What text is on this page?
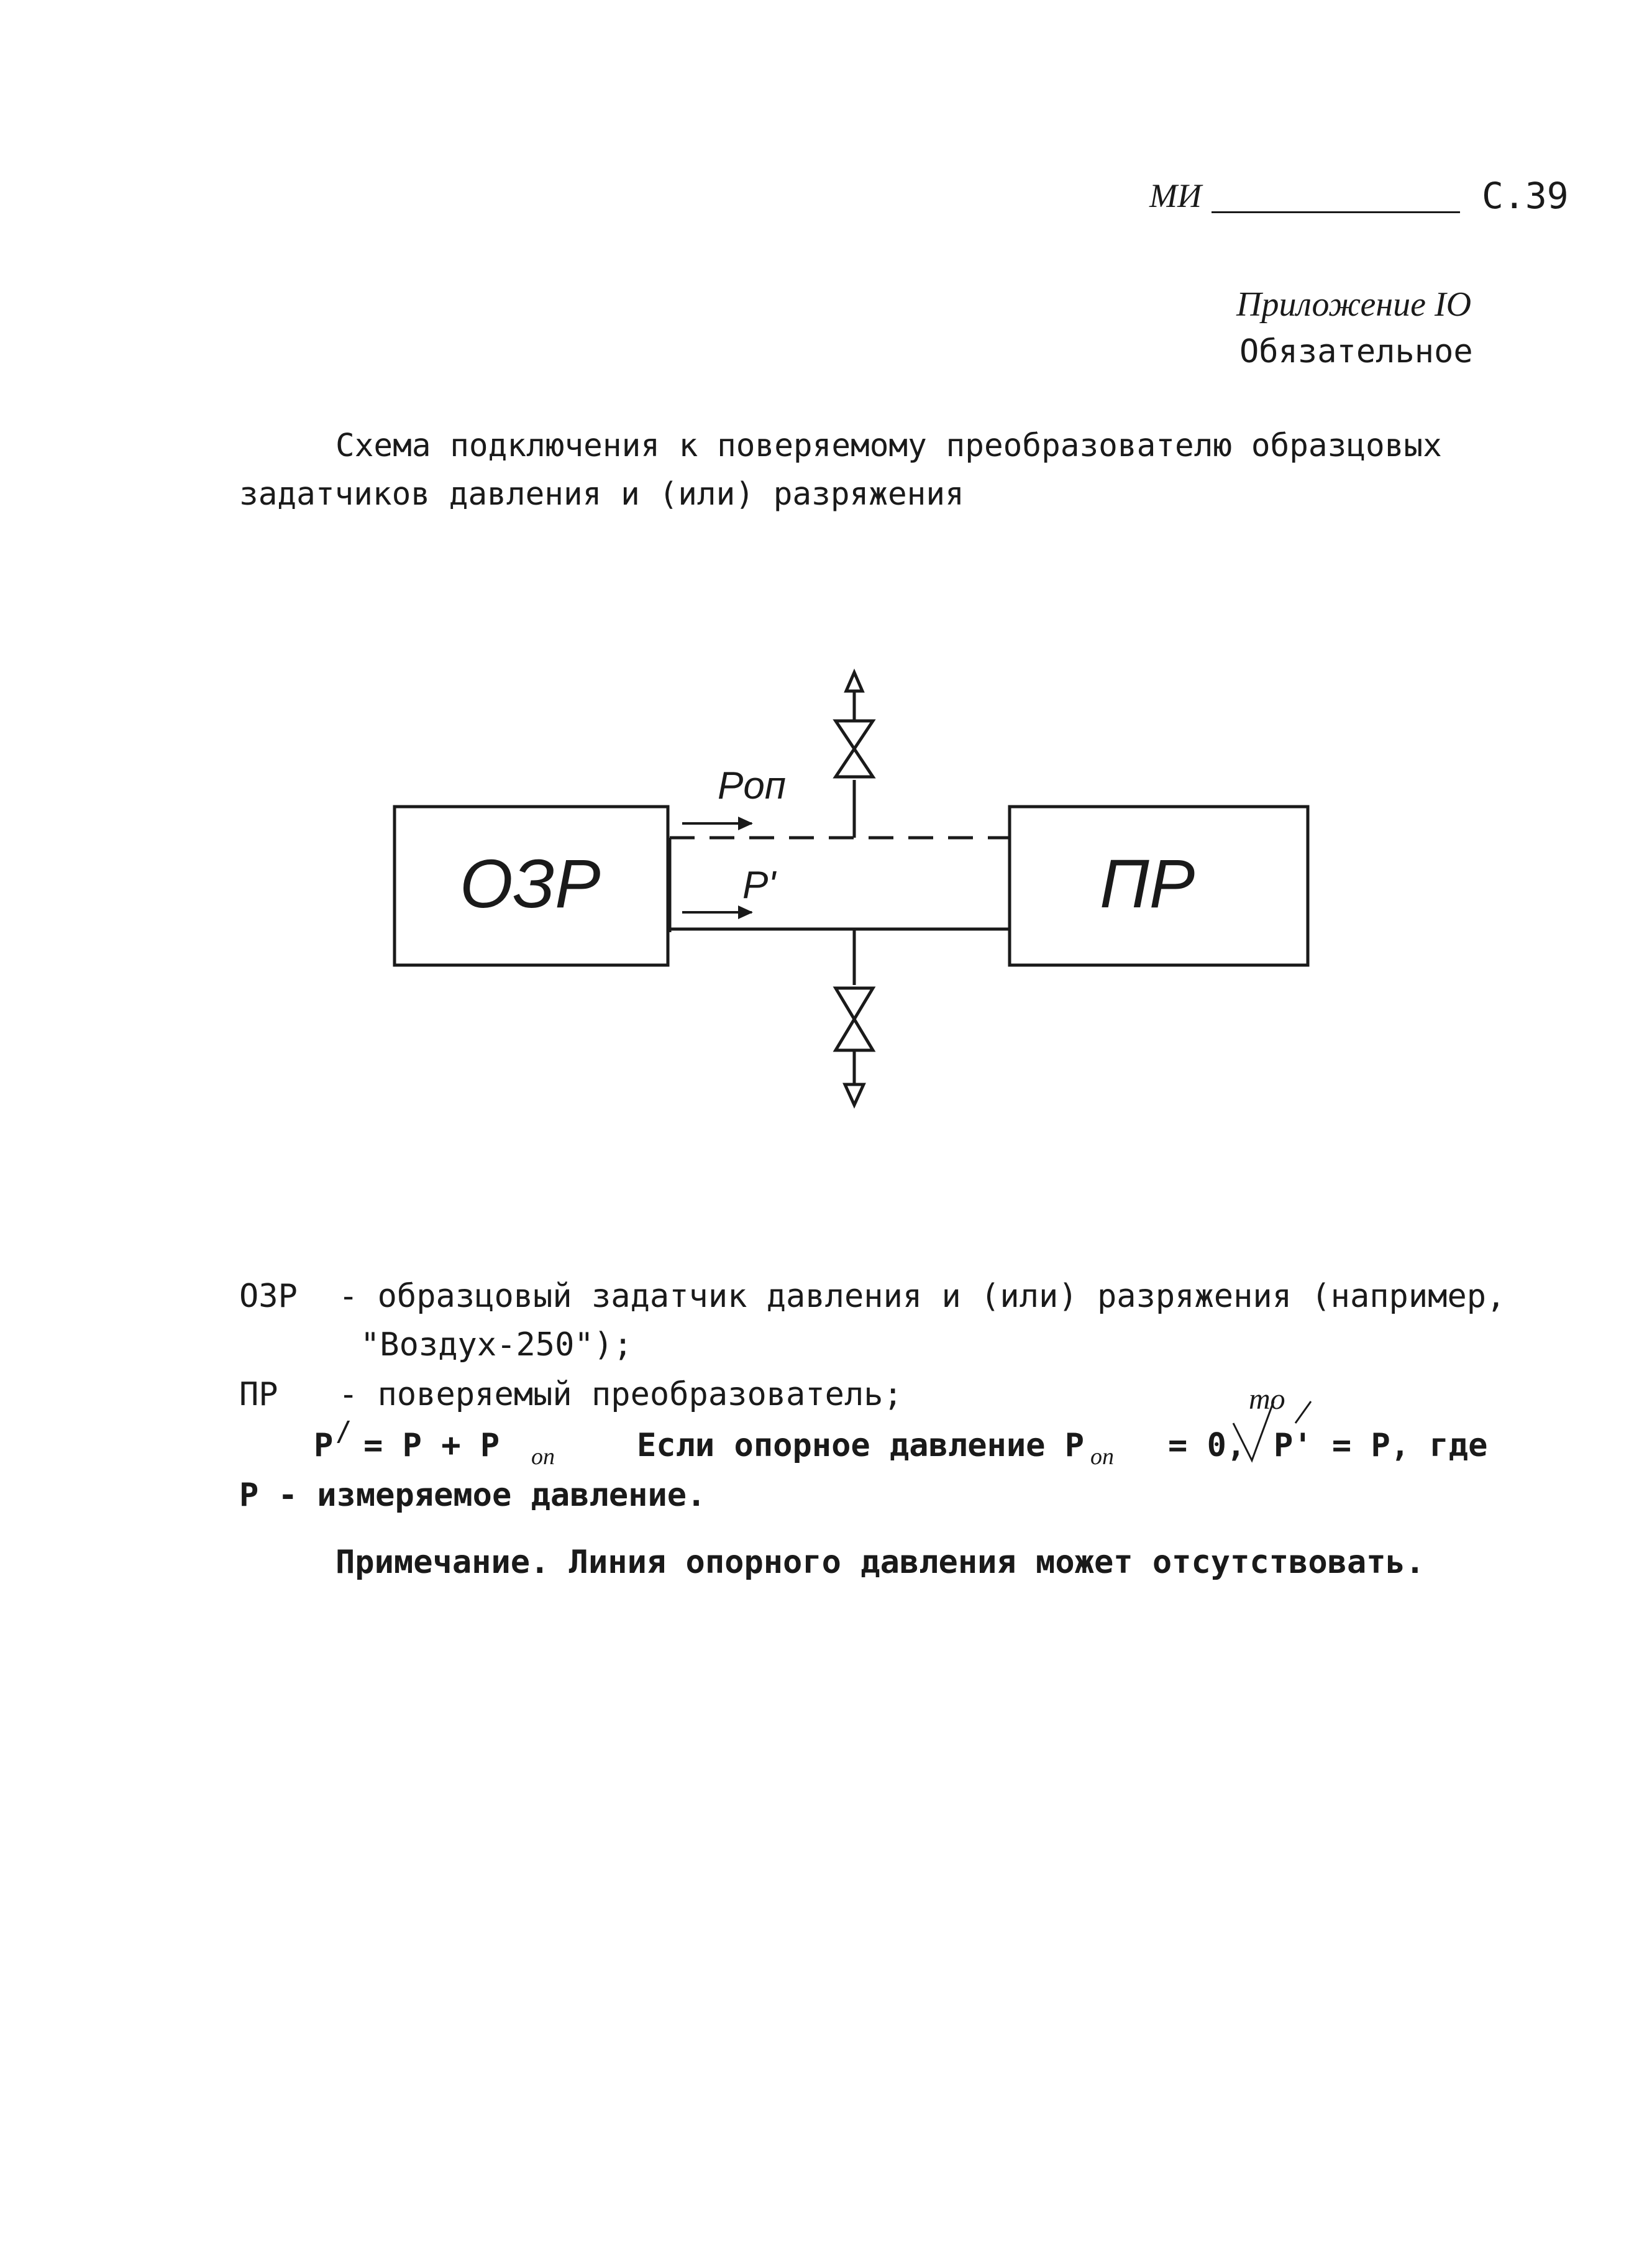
МИ	С.39
Приложение IO
Обязательное
Схема подключения к поверяемому преобразователю образцовых
задатчиков давления и (или) разряжения
ОЗР	ПР
Pоп
P'
ОЗР - образцовый задатчик давления и (или) разряжения (например,
"Воздух-250");
ПР - поверяемый преобразователь;
P / = P + P оп	Если опорное давление P оп = 0,
то
P' = P, где
P - измеряемое давление.
Примечание. Линия опорного давления может отсутствовать.
